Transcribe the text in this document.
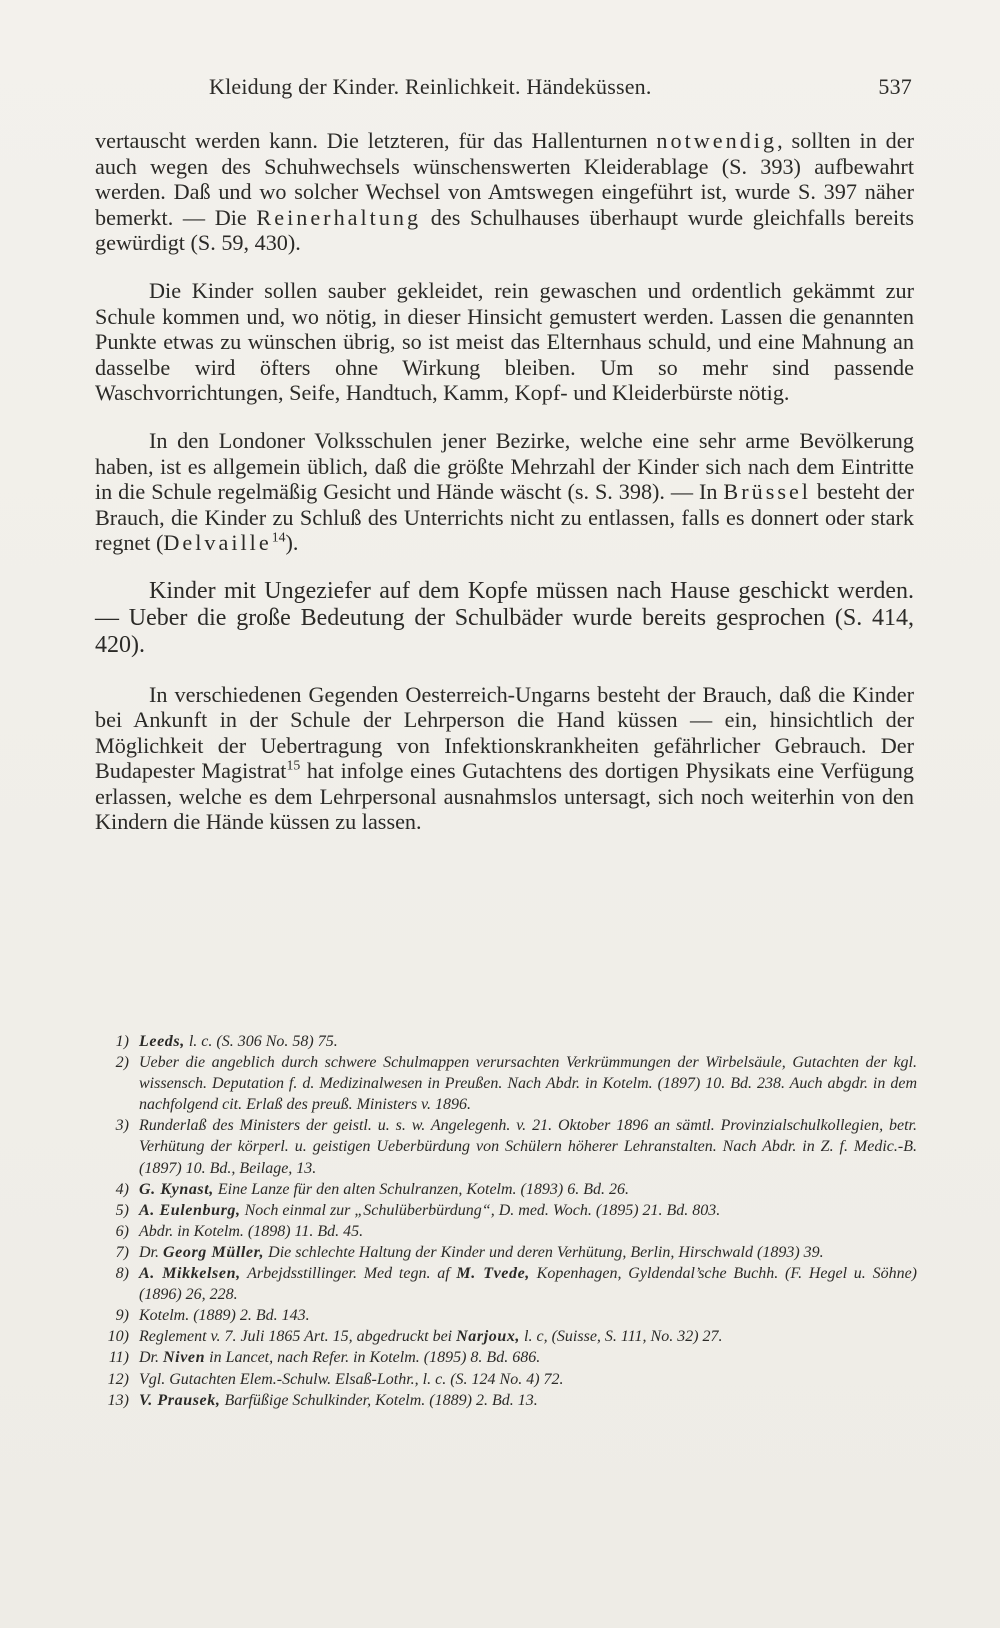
Kleidung der Kinder. Reinlichkeit. Händeküssen.	537

vertauscht werden kann. Die letzteren, für das Hallenturnen notwendig, sollten in der auch wegen des Schuhwechsels wünschenswerten Kleiderablage (S. 393) aufbewahrt werden. Daß und wo solcher Wechsel von Amtswegen eingeführt ist, wurde S. 397 näher bemerkt. — Die Reinerhaltung des Schulhauses überhaupt wurde gleichfalls bereits gewürdigt (S. 59, 430).

Die Kinder sollen sauber gekleidet, rein gewaschen und ordentlich gekämmt zur Schule kommen und, wo nötig, in dieser Hinsicht gemustert werden. Lassen die genannten Punkte etwas zu wünschen übrig, so ist meist das Elternhaus schuld, und eine Mahnung an dasselbe wird öfters ohne Wirkung bleiben. Um so mehr sind passende Waschvorrichtungen, Seife, Handtuch, Kamm, Kopf- und Kleiderbürste nötig.

In den Londoner Volksschulen jener Bezirke, welche eine sehr arme Bevölkerung haben, ist es allgemein üblich, daß die größte Mehrzahl der Kinder sich nach dem Eintritte in die Schule regelmäßig Gesicht und Hände wäscht (s. S. 398). — In Brüssel besteht der Brauch, die Kinder zu Schluß des Unterrichts nicht zu entlassen, falls es donnert oder stark regnet (Delvaille$^{14}$).

Kinder mit Ungeziefer auf dem Kopfe müssen nach Hause geschickt werden. — Ueber die große Bedeutung der Schulbäder wurde bereits gesprochen (S. 414, 420).

In verschiedenen Gegenden Oesterreich-Ungarns besteht der Brauch, daß die Kinder bei Ankunft in der Schule der Lehrperson die Hand küssen — ein, hinsichtlich der Möglichkeit der Uebertragung von Infektionskrankheiten gefährlicher Gebrauch. Der Budapester Magistrat$^{15}$ hat infolge eines Gutachtens des dortigen Physikats eine Verfügung erlassen, welche es dem Lehrpersonal ausnahmslos untersagt, sich noch weiterhin von den Kindern die Hände küssen zu lassen.

1) Leeds, l. c. (S. 306 No. 58) 75.

2) Ueber die angeblich durch schwere Schulmappen verursachten Verkrümmungen der Wirbelsäule, Gutachten der kgl. wissensch. Deputation f. d. Medizinalwesen in Preußen. Nach Abdr. in Kotelm. (1897) 10. Bd. 238. Auch abgdr. in dem nachfolgend cit. Erlaß des preuß. Ministers v. 1896.

3) Runderlaß des Ministers der geistl. u. s. w. Angelegenh. v. 21. Oktober 1896 an sämtl. Provinzialschulkollegien, betr. Verhütung der körperl. u. geistigen Ueberbürdung von Schülern höherer Lehranstalten. Nach Abdr. in Z. f. Medic.-B. (1897) 10. Bd., Beilage, 13.

4) G. Kynast, Eine Lanze für den alten Schulranzen, Kotelm. (1893) 6. Bd. 26.

5) A. Eulenburg, Noch einmal zur „Schulüberbürdung“, D. med. Woch. (1895) 21. Bd. 803.

6) Abdr. in Kotelm. (1898) 11. Bd. 45.

7) Dr. Georg Müller, Die schlechte Haltung der Kinder und deren Verhütung, Berlin, Hirschwald (1893) 39.

8) A. Mikkelsen, Arbejdsstillinger. Med tegn. af M. Tvede, Kopenhagen, Gyldendal’sche Buchh. (F. Hegel u. Söhne) (1896) 26, 228.

9) Kotelm. (1889) 2. Bd. 143.

10) Reglement v. 7. Juli 1865 Art. 15, abgedruckt bei Narjoux, l. c, (Suisse, S. 111, No. 32) 27.

11) Dr. Niven in Lancet, nach Refer. in Kotelm. (1895) 8. Bd. 686.

12) Vgl. Gutachten Elem.-Schulw. Elsaß-Lothr., l. c. (S. 124 No. 4) 72.

13) V. Prausek, Barfüßige Schulkinder, Kotelm. (1889) 2. Bd. 13.
